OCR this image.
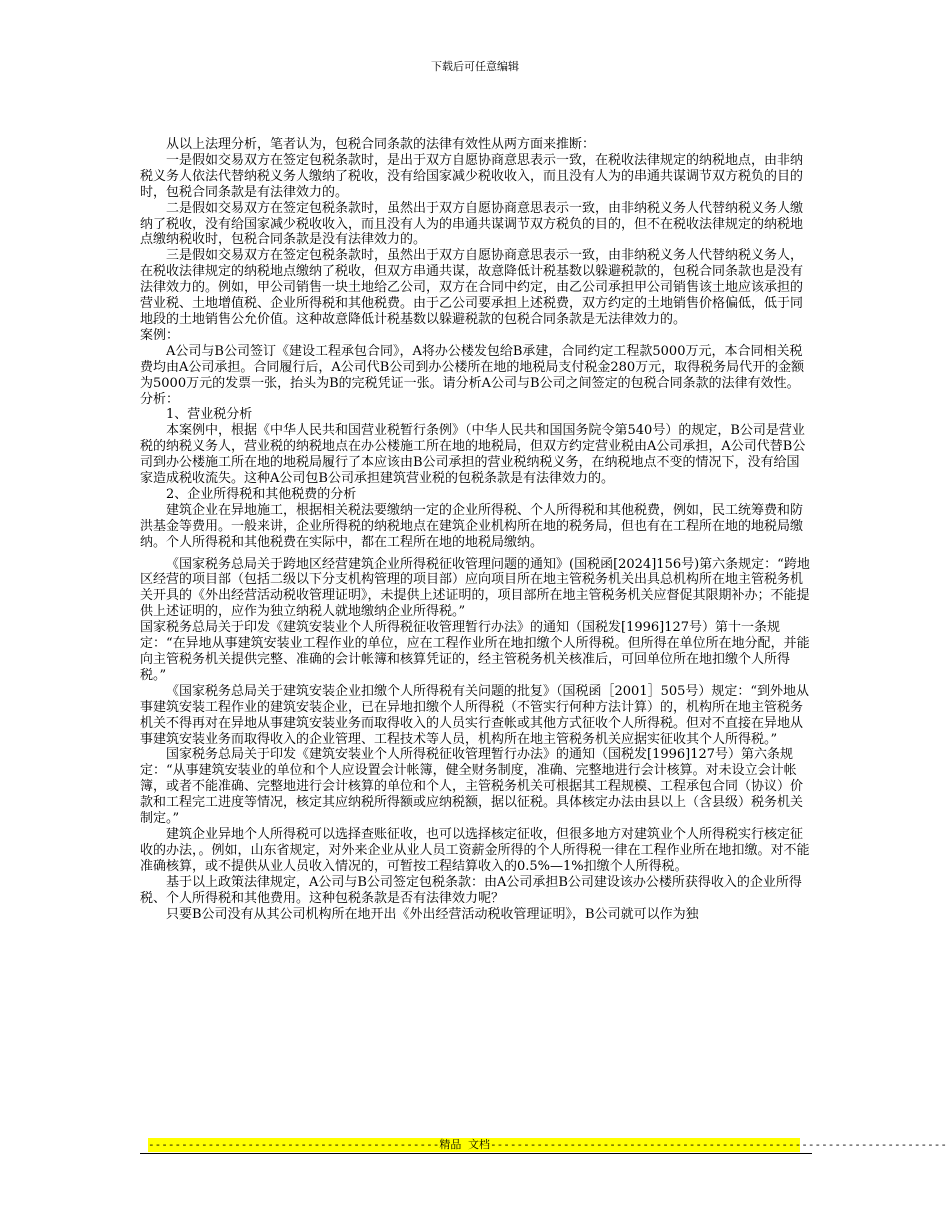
下载后可任意编辑

从以上法理分析，笔者认为，包税合同条款的法律有效性从两方面来推断：

一是假如交易双方在签定包税条款时，是出于双方自愿协商意思表示一致，在税收法律规定的纳税地点，由非纳税义务人依法代替纳税义务人缴纳了税收，没有给国家减少税收收入，而且没有人为的串通共谋调节双方税负的目的时，包税合同条款是有法律效力的。

二是假如交易双方在签定包税条款时，虽然出于双方自愿协商意思表示一致，由非纳税义务人代替纳税义务人缴纳了税收，没有给国家减少税收收入，而且没有人为的串通共谋调节双方税负的目的，但不在税收法律规定的纳税地点缴纳税收时，包税合同条款是没有法律效力的。

三是假如交易双方在签定包税条款时，虽然出于双方自愿协商意思表示一致，由非纳税义务人代替纳税义务人，在税收法律规定的纳税地点缴纳了税收，但双方串通共谋，故意降低计税基数以躲避税款的，包税合同条款也是没有法律效力的。例如，甲公司销售一块土地给乙公司，双方在合同中约定，由乙公司承担甲公司销售该土地应该承担的营业税、土地增值税、企业所得税和其他税费。由于乙公司要承担上述税费，双方约定的土地销售价格偏低，低于同地段的土地销售公允价值。这种故意降低计税基数以躲避税款的包税合同条款是无法律效力的。

案例：

A公司与B公司签订《建设工程承包合同》，A将办公楼发包给B承建，合同约定工程款5000万元，本合同相关税费均由A公司承担。合同履行后，A公司代B公司到办公楼所在地的地税局支付税金280万元，取得税务局代开的金额为5000万元的发票一张，抬头为B的完税凭证一张。请分析A公司与B公司之间签定的包税合同条款的法律有效性。

分析：

1、营业税分析

本案例中，根据《中华人民共和国营业税暂行条例》（中华人民共和国国务院令第540号）的规定，B公司是营业税的纳税义务人，营业税的纳税地点在办公楼施工所在地的地税局，但双方约定营业税由A公司承担，A公司代替B公司到办公楼施工所在地的地税局履行了本应该由B公司承担的营业税纳税义务，在纳税地点不变的情况下，没有给国家造成税收流失。这种A公司包B公司承担建筑营业税的包税条款是有法律效力的。

2、企业所得税和其他税费的分析

建筑企业在异地施工，根据相关税法要缴纳一定的企业所得税、个人所得税和其他税费，例如，民工统筹费和防洪基金等费用。一般来讲，企业所得税的纳税地点在建筑企业机构所在地的税务局，但也有在工程所在地的地税局缴纳。个人所得税和其他税费在实际中，都在工程所在地的地税局缴纳。

《国家税务总局关于跨地区经营建筑企业所得税征收管理问题的通知》(国税函[2024]156号)第六条规定：“跨地区经营的项目部（包括二级以下分支机构管理的项目部）应向项目所在地主管税务机关出具总机构所在地主管税务机关开具的《外出经营活动税收管理证明》，未提供上述证明的，项目部所在地主管税务机关应督促其限期补办；不能提供上述证明的，应作为独立纳税人就地缴纳企业所得税。”

国家税务总局关于印发《建筑安装业个人所得税征收管理暂行办法》的通知（国税发[1996]127号）第十一条规定：“在异地从事建筑安装业工程作业的单位，应在工程作业所在地扣缴个人所得税。但所得在单位所在地分配，并能向主管税务机关提供完整、准确的会计帐簿和核算凭证的，经主管税务机关核准后，可回单位所在地扣缴个人所得税。”

《国家税务总局关于建筑安装企业扣缴个人所得税有关问题的批复》（国税函［2001］505号）规定：“到外地从事建筑安装工程作业的建筑安装企业，已在异地扣缴个人所得税（不管实行何种方法计算）的，机构所在地主管税务机关不得再对在异地从事建筑安装业务而取得收入的人员实行查帐或其他方式征收个人所得税。但对不直接在异地从事建筑安装业务而取得收入的企业管理、工程技术等人员，机构所在地主管税务机关应据实征收其个人所得税。”

国家税务总局关于印发《建筑安装业个人所得税征收管理暂行办法》的通知（国税发[1996]127号）第六条规定：“从事建筑安装业的单位和个人应设置会计帐簿，健全财务制度，准确、完整地进行会计核算。对未设立会计帐簿，或者不能准确、完整地进行会计核算的单位和个人，主管税务机关可根据其工程规模、工程承包合同（协议）价款和工程完工进度等情况，核定其应纳税所得额或应纳税额，据以征税。具体核定办法由县以上（含县级）税务机关制定。”

建筑企业异地个人所得税可以选择查账征收，也可以选择核定征收，但很多地方对建筑业个人所得税实行核定征收的办法，。例如，山东省规定，对外来企业从业人员工资薪金所得的个人所得税一律在工程作业所在地扣缴。对不能准确核算，或不提供从业人员收入情况的，可暂按工程结算收入的0.5%—1%扣缴个人所得税。

基于以上政策法律规定，A公司与B公司签定包税条款：由A公司承担B公司建设该办公楼所获得收入的企业所得税、个人所得税和其他费用。这种包税条款是否有法律效力呢？

只要B公司没有从其公司机构所在地开出《外出经营活动税收管理证明》，B公司就可以作为独

--------------------------------------------精品 文档---------------------------------------------------------------------
